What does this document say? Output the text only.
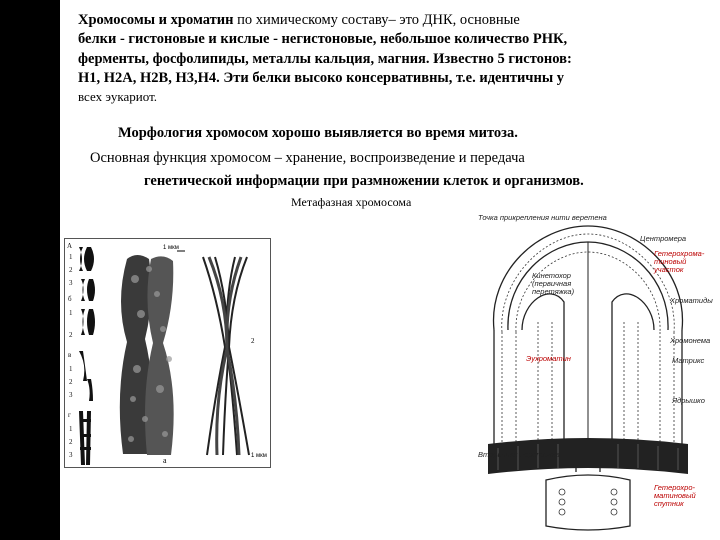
Хромосомы и хроматин по химическому составу– это ДНК, основные
белки - гистоновые и кислые - негистоновые, небольшое количество РНК,
ферменты, фосфолипиды, металлы кальция, магния. Известно 5 гистонов:
Н1, Н2А, Н2В, Н3,Н4. Эти белки высоко консервативны, т.е. идентичны у
всех эукариот.
Морфология хромосом хорошо выявляется во время митоза.
Основная функция хромосом – хранение, воспроизведение и передача
генетической информации при размножении клеток и организмов.
Метафазная хромосома
А
1
2
3
б
1
2
в
1
2
3
г
1
2
3
1 мкм
а
2
1 мкм
Точка прикрепления нити веретена
Центромера
Гетерохромa-
тиновый
участок
Кинетохор
(первичная
перетяжка)
Хроматиды
Эухроматин
Хромонема
Матрикс
Ядрышко
Вторичная перетяжка
Гетерохро-
матиновый
спутник
